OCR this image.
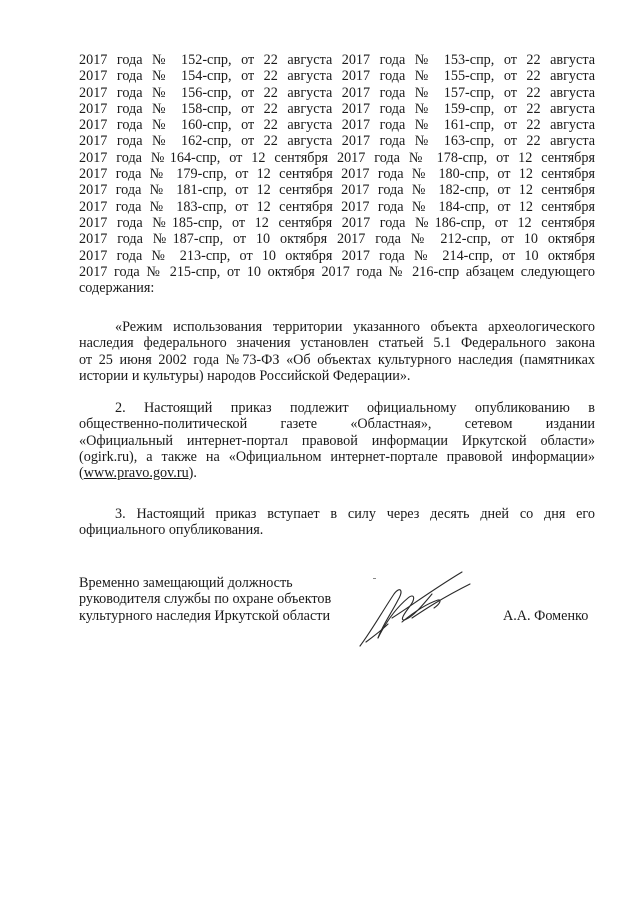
2017 года № 152-спр, от 22 августа 2017 года № 153-спр, от 22 августа
2017 года № 154-спр, от 22 августа 2017 года № 155-спр, от 22 августа
2017 года № 156-спр, от 22 августа 2017 года № 157-спр, от 22 августа
2017 года № 158-спр, от 22 августа 2017 года № 159-спр, от 22 августа
2017 года № 160-спр, от 22 августа 2017 года № 161-спр, от 22 августа
2017 года № 162-спр, от 22 августа 2017 года № 163-спр, от 22 августа
2017 года №164-спр, от 12 сентября 2017 года № 178-спр, от 12 сентября
2017 года № 179-спр, от 12 сентября 2017 года № 180-спр, от 12 сентября
2017 года № 181-спр, от 12 сентября 2017 года № 182-спр, от 12 сентября
2017 года № 183-спр, от 12 сентября 2017 года № 184-спр, от 12 сентября
2017 года №185-спр, от 12 сентября 2017 года №186-спр, от 12 сентября
2017 года №187-спр, от 10 октября 2017 года № 212-спр, от 10 октября
2017 года № 213-спр, от 10 октября 2017 года № 214-спр, от 10 октября
2017 года № 215-спр, от 10 октября 2017 года № 216-спр абзацем следующего
содержания:
«Режим использования территории указанного объекта археологического
наследия федерального значения установлен статьей 5.1 Федерального закона
от 25 июня 2002 года №73-ФЗ «Об объектах культурного наследия (памятниках
истории и культуры) народов Российской Федерации».
2. Настоящий приказ подлежит официальному опубликованию в
общественно-политической газете «Областная», сетевом издании
«Официальный интернет-портал правовой информации Иркутской области»
(ogirk.ru), а также на «Официальном интернет-портале правовой информации»
(www.pravo.gov.ru).
3. Настоящий приказ вступает в силу через десять дней со дня его
официального опубликования.
Временно замещающий должность
руководителя службы по охране объектов
культурного наследия Иркутской области	А.А. Фоменко
